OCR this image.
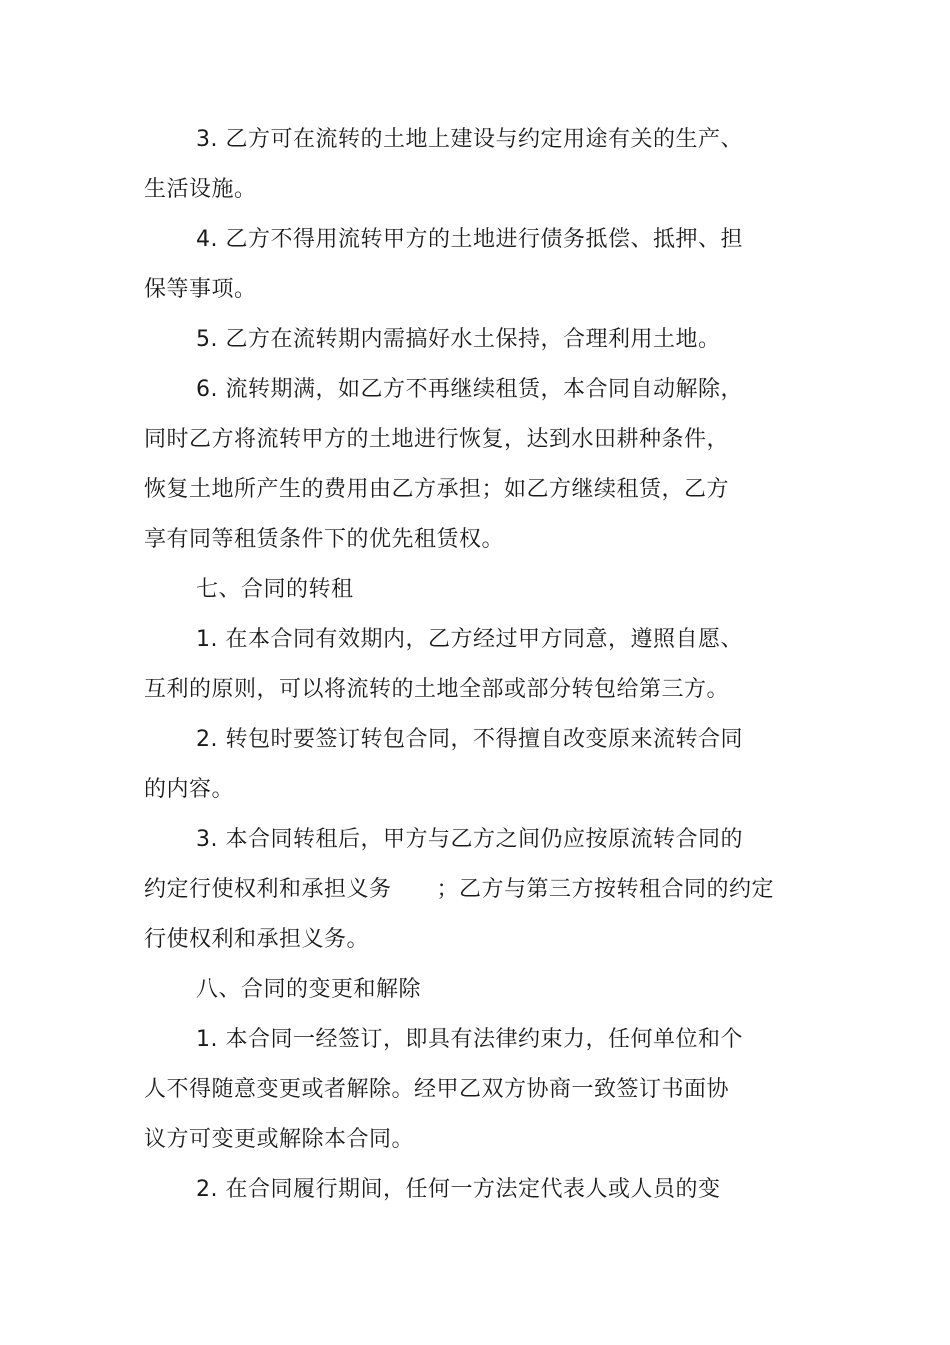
3. 乙方可在流转的土地上建设与约定用途有关的生产、
生活设施。
4. 乙方不得用流转甲方的土地进行债务抵偿、抵押、担
保等事项。
5. 乙方在流转期内需搞好水土保持，合理利用土地。
6. 流转期满，如乙方不再继续租赁，本合同自动解除，
同时乙方将流转甲方的土地进行恢复，达到水田耕种条件，
恢复土地所产生的费用由乙方承担；如乙方继续租赁，乙方
享有同等租赁条件下的优先租赁权。
七、合同的转租
1. 在本合同有效期内，乙方经过甲方同意，遵照自愿、
互利的原则，可以将流转的土地全部或部分转包给第三方。
2. 转包时要签订转包合同，不得擅自改变原来流转合同
的内容。
3. 本合同转租后，甲方与乙方之间仍应按原流转合同的
约定行使权利和承担义务      ；乙方与第三方按转租合同的约定
行使权利和承担义务。
八、合同的变更和解除
1. 本合同一经签订，即具有法律约束力，任何单位和个
人不得随意变更或者解除。经甲乙双方协商一致签订书面协
议方可变更或解除本合同。
2. 在合同履行期间，任何一方法定代表人或人员的变
